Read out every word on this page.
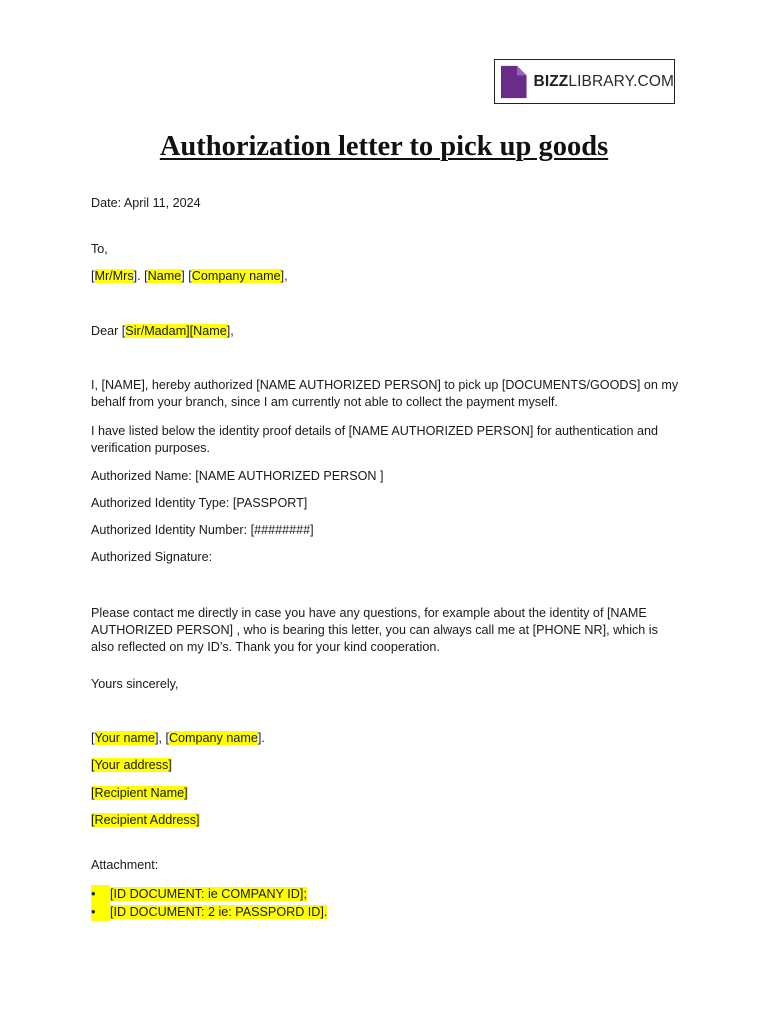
BIZZLIBRARY.COM
Authorization letter to pick up goods
Date: April 11, 2024
To,
[Mr/Mrs]. [Name] [Company name],
Dear [Sir/Madam][Name],
I, [NAME], hereby authorized [NAME AUTHORIZED PERSON] to pick up [DOCUMENTS/GOODS] on my behalf from your branch, since I am currently not able to collect the payment myself.
I have listed below the identity proof details of [NAME AUTHORIZED PERSON] for authentication and verification purposes.
Authorized Name: [NAME AUTHORIZED PERSON ]
Authorized Identity Type: [PASSPORT]
Authorized Identity Number: [########]
Authorized Signature:
Please contact me directly in case you have any questions, for example about the identity of [NAME AUTHORIZED PERSON] , who is bearing this letter, you can always call me at [PHONE NR], which is also reflected on my ID’s. Thank you for your kind cooperation.
Yours sincerely,
[Your name], [Company name].
[Your address]
[Recipient Name]
[Recipient Address]
Attachment:
•[ID DOCUMENT: ie COMPANY ID];
•[ID DOCUMENT: 2 ie: PASSPORD ID].
